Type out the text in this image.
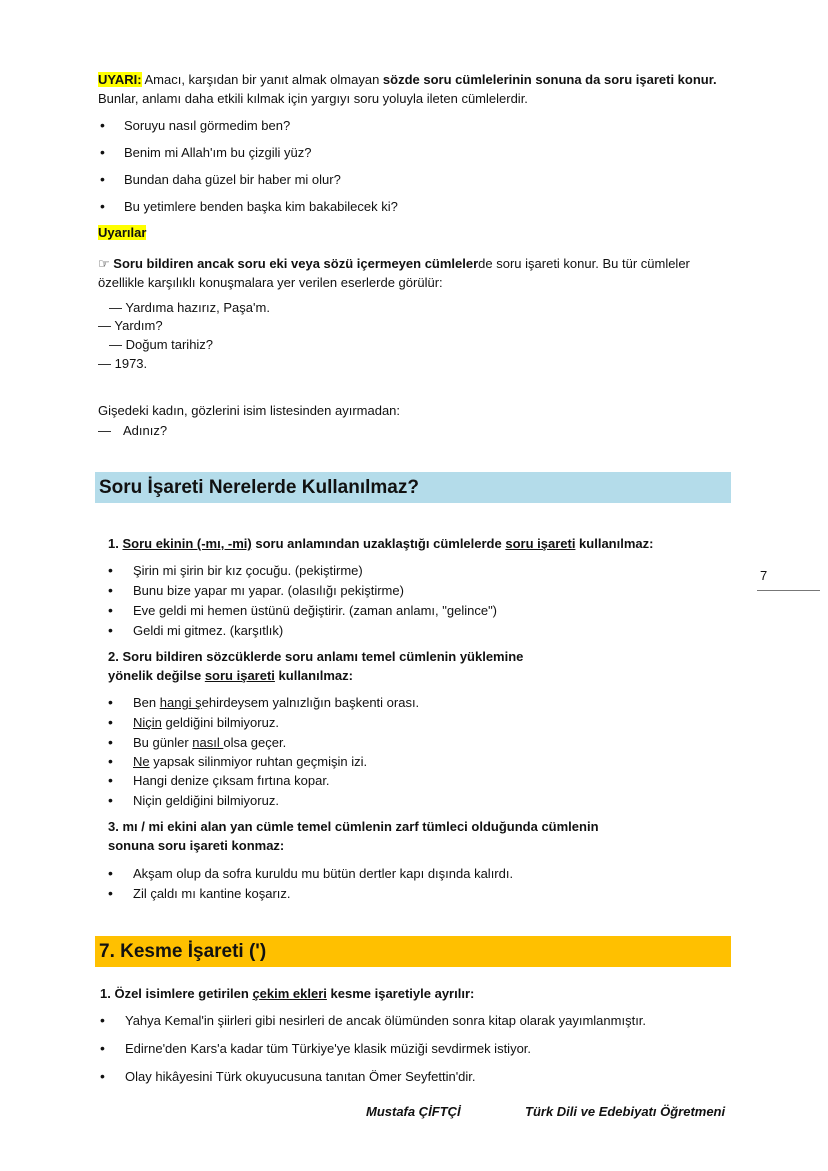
UYARI: Amacı, karşıdan bir yanıt almak olmayan sözde soru cümlelerinin sonuna da soru işareti konur. Bunlar, anlamı daha etkili kılmak için yargıyı soru yoluyla ileten cümlelerdir.
• Soruyu nasıl görmedim ben?
• Benim mi Allah'ım bu çizgili yüz?
• Bundan daha güzel bir haber mi olur?
• Bu yetimlere benden başka kim bakabilecek ki?
Uyarılar
☞ Soru bildiren ancak soru eki veya sözü içermeyen cümlelerde soru işareti konur. Bu tür cümleler özellikle karşılıklı konuşmalara yer verilen eserlerde görülür:
— Yardıma hazırız, Paşa'm.
— Yardım?
— Doğum tarihiz?
— 1973.
Gişedeki kadın, gözlerini isim listesinden ayırmadan:
— Adınız?
Soru İşareti Nerelerde Kullanılmaz?
1. Soru ekinin (-mı, -mi) soru anlamından uzaklaştığı cümlelerde soru işareti kullanılmaz:
• Şirin mi şirin bir kız çocuğu. (pekiştirme)
• Bunu bize yapar mı yapar. (olasılığı pekiştirme)
• Eve geldi mi hemen üstünü değiştirir. (zaman anlamı, "gelince")
• Geldi mi gitmez. (karşıtlık)
2. Soru bildiren sözcüklerde soru anlamı temel cümlenin yüklemine
yönelik değilse soru işareti kullanılmaz:
• Ben hangi şehirdeysem yalnızlığın başkenti orası.
• Niçin geldiğini bilmiyoruz.
• Bu günler nasıl olsa geçer.
• Ne yapsak silinmiyor ruhtan geçmişin izi.
• Hangi denize çıksam fırtına kopar.
• Niçin geldiğini bilmiyoruz.
3. mı / mi ekini alan yan cümle temel cümlenin zarf tümleci olduğunda cümlenin
sonuna soru işareti konmaz:
• Akşam olup da sofra kuruldu mu bütün dertler kapı dışında kalırdı.
• Zil çaldı mı kantine koşarız.
7. Kesme İşareti (')
1. Özel isimlere getirilen çekim ekleri kesme işaretiyle ayrılır:
• Yahya Kemal'in şiirleri gibi nesirleri de ancak ölümünden sonra kitap olarak yayımlanmıştır.
• Edirne'den Kars'a kadar tüm Türkiye'ye klasik müziği sevdirmek istiyor.
• Olay hikâyesini Türk okuyucusuna tanıtan Ömer Seyfettin'dir.
7
Mustafa ÇİFTÇİ	Türk Dili ve Edebiyatı Öğretmeni
